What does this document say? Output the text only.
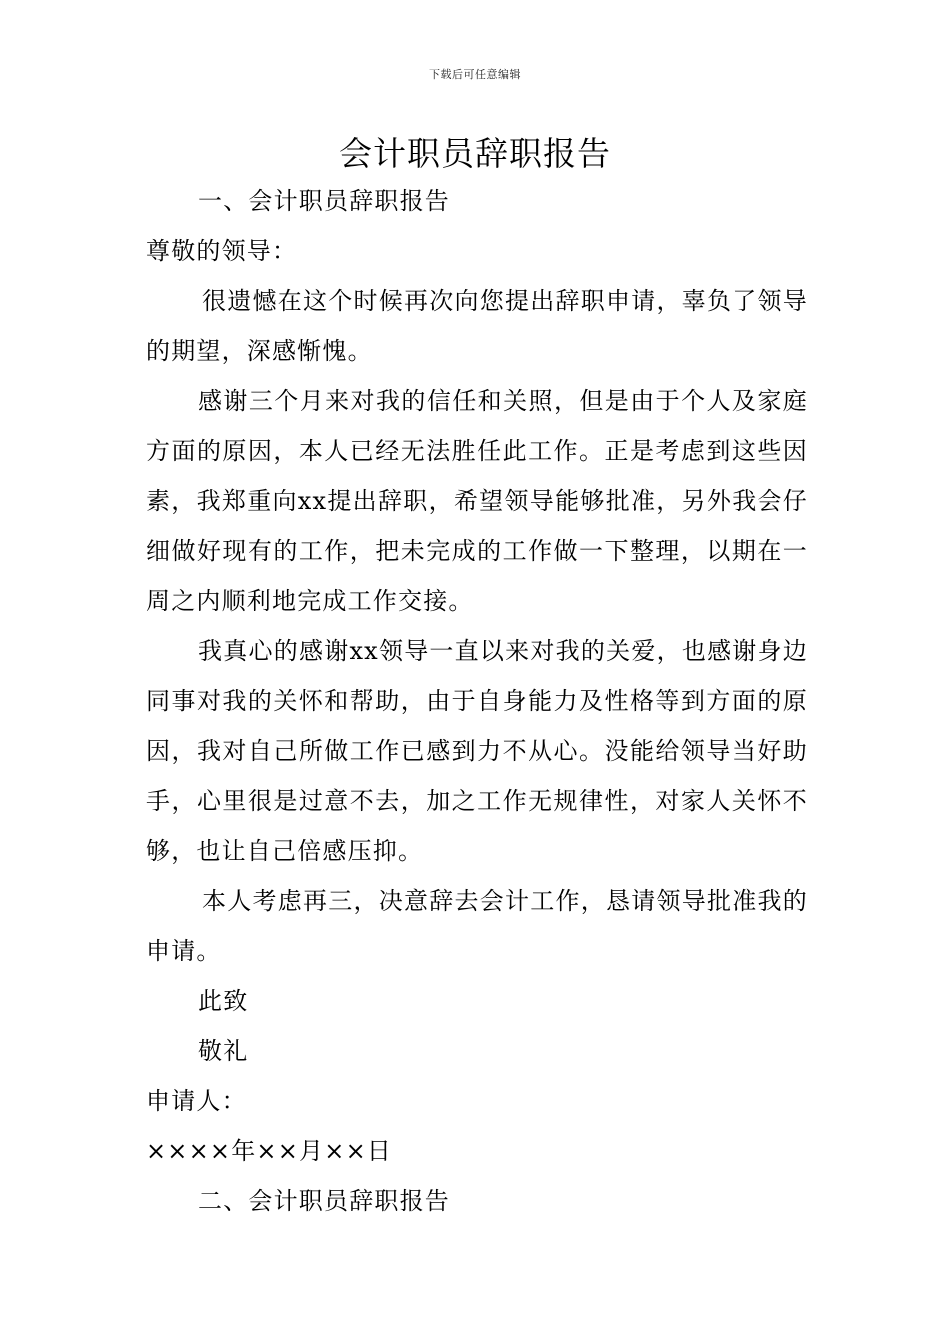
下载后可任意编辑
会计职员辞职报告
一、会计职员辞职报告
尊敬的领导：
很遗憾在这个时候再次向您提出辞职申请，辜负了领导的期望，深感惭愧。
感谢三个月来对我的信任和关照，但是由于个人及家庭方面的原因，本人已经无法胜任此工作。正是考虑到这些因素，我郑重向xx提出辞职，希望领导能够批准，另外我会仔细做好现有的工作，把未完成的工作做一下整理，以期在一周之内顺利地完成工作交接。
我真心的感谢xx领导一直以来对我的关爱，也感谢身边同事对我的关怀和帮助，由于自身能力及性格等到方面的原因，我对自己所做工作已感到力不从心。没能给领导当好助手，心里很是过意不去，加之工作无规律性，对家人关怀不够，也让自己倍感压抑。
本人考虑再三，决意辞去会计工作，恳请领导批准我的申请。
此致
敬礼
申请人：
××××年××月××日
二、会计职员辞职报告
